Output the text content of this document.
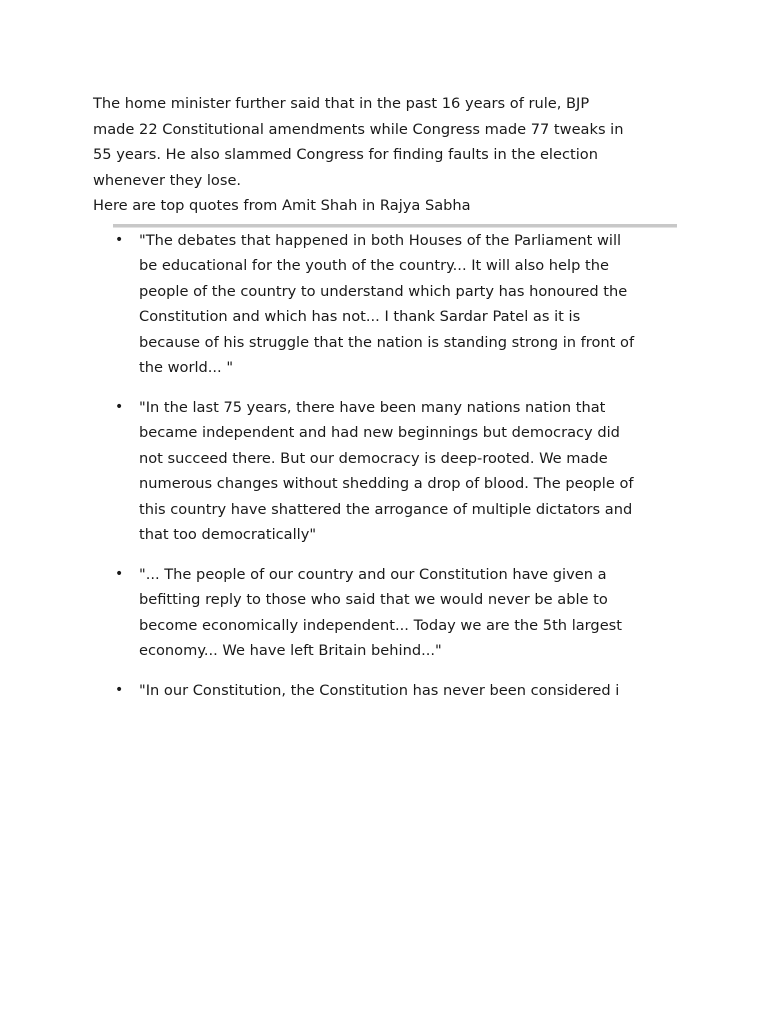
The home minister further said that in the past 16 years of rule, BJP
made 22 Constitutional amendments while Congress made 77 tweaks in
55 years. He also slammed Congress for finding faults in the election
whenever they lose.

Here are top quotes from Amit Shah in Rajya Sabha

• "The debates that happened in both Houses of the Parliament will
be educational for the youth of the country... It will also help the
people of the country to understand which party has honoured the
Constitution and which has not... I thank Sardar Patel as it is
because of his struggle that the nation is standing strong in front of
the world... "
• "In the last 75 years, there have been many nations nation that
became independent and had new beginnings but democracy did
not succeed there. But our democracy is deep-rooted. We made
numerous changes without shedding a drop of blood. The people of
this country have shattered the arrogance of multiple dictators and
that too democratically"
• "... The people of our country and our Constitution have given a
befitting reply to those who said that we would never be able to
become economically independent... Today we are the 5th largest
economy... We have left Britain behind..."
• "In our Constitution, the Constitution has never been considered i
